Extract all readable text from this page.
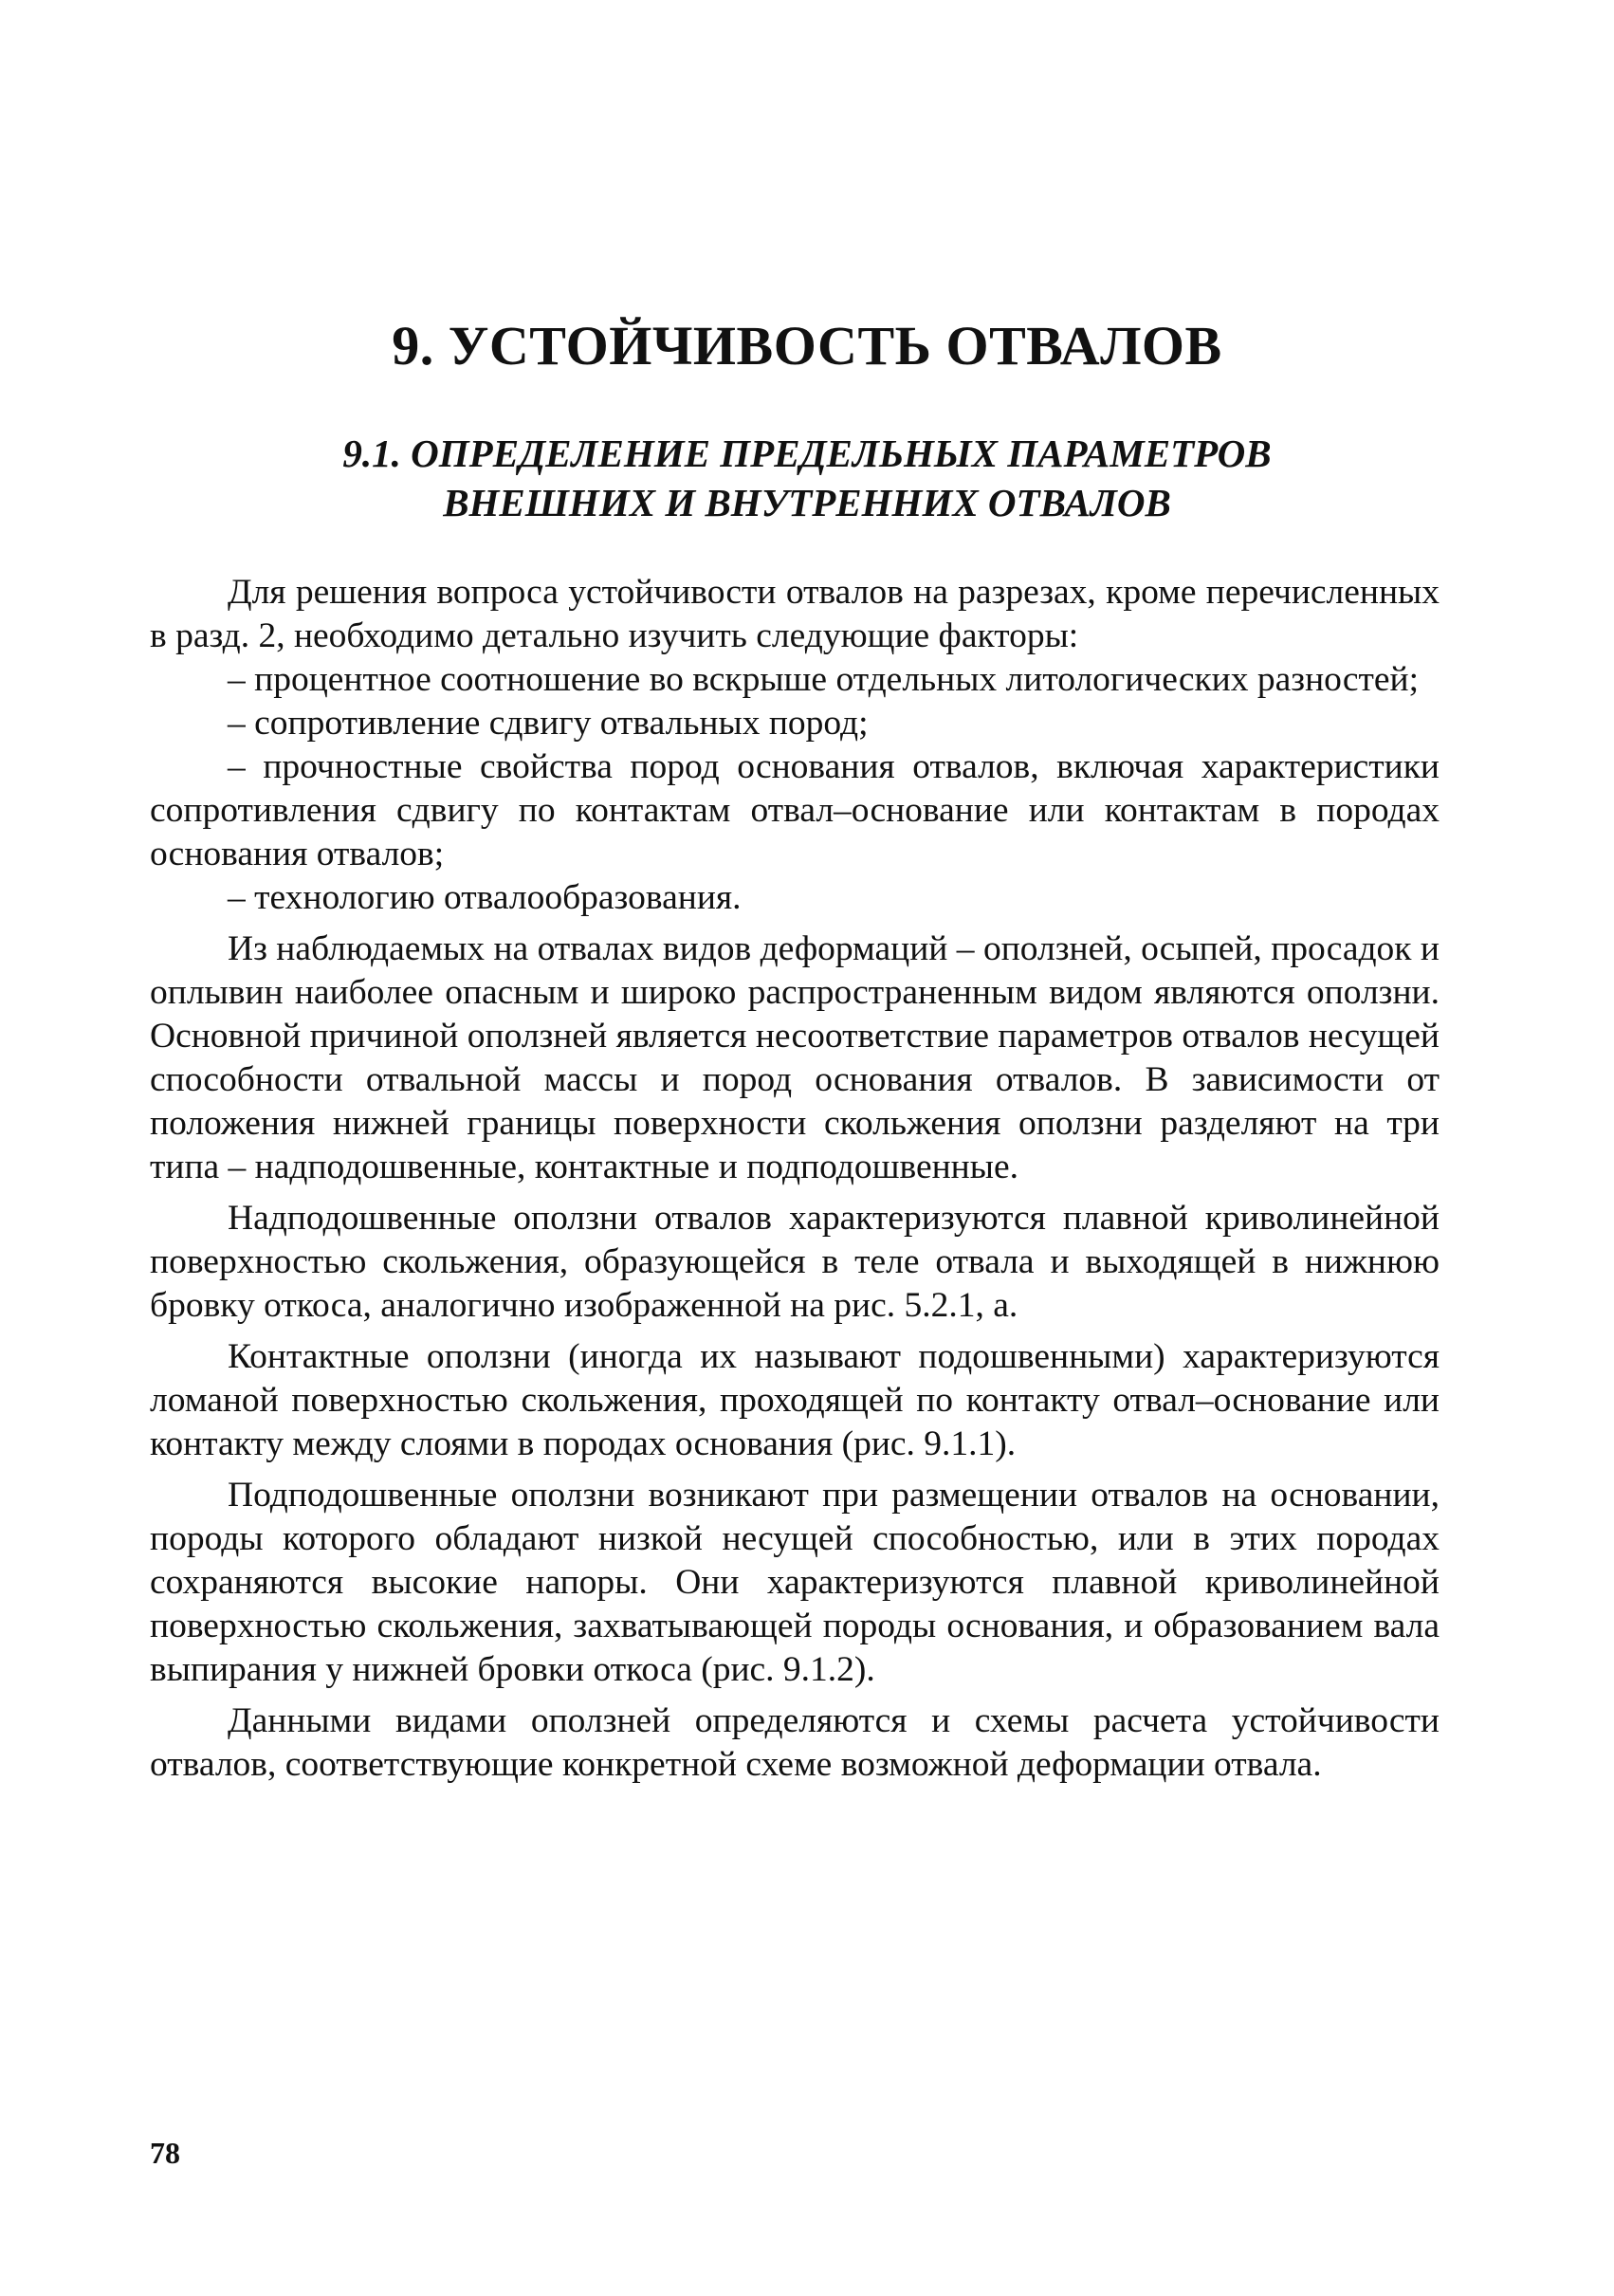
9. УСТОЙЧИВОСТЬ ОТВАЛОВ
9.1. ОПРЕДЕЛЕНИЕ ПРЕДЕЛЬНЫХ ПАРАМЕТРОВ
ВНЕШНИХ И ВНУТРЕННИХ ОТВАЛОВ

Для решения вопроса устойчивости отвалов на разрезах, кроме перечисленных в разд. 2, необходимо детально изучить следующие факторы:

– процентное соотношение во вскрыше отдельных литологических разностей;

– сопротивление сдвигу отвальных пород;

– прочностные свойства пород основания отвалов, включая характеристики сопротивления сдвигу по контактам отвал–основание или контактам в породах основания отвалов;

– технологию отвалообразования.

Из наблюдаемых на отвалах видов деформаций – оползней, осыпей, просадок и оплывин наиболее опасным и широко распространенным видом являются оползни. Основной причиной оползней является несоответствие параметров отвалов несущей способности отвальной массы и пород основания отвалов. В зависимости от положения нижней границы поверхности скольжения оползни разделяют на три типа – надподошвенные, контактные и подподошвенные.

Надподошвенные оползни отвалов характеризуются плавной криволинейной поверхностью скольжения, образующейся в теле отвала и выходящей в нижнюю бровку откоса, аналогично изображенной на рис. 5.2.1, а.

Контактные оползни (иногда их называют подошвенными) характеризуются ломаной поверхностью скольжения, проходящей по контакту отвал–основание или контакту между слоями в породах основания (рис. 9.1.1).

Подподошвенные оползни возникают при размещении отвалов на основании, породы которого обладают низкой несущей способностью, или в этих породах сохраняются высокие напоры. Они характеризуются плавной криволинейной поверхностью скольжения, захватывающей породы основания, и образованием вала выпирания у нижней бровки откоса (рис. 9.1.2).

Данными видами оползней определяются и схемы расчета устойчивости отвалов, соответствующие конкретной схеме возможной деформации отвала.

78
